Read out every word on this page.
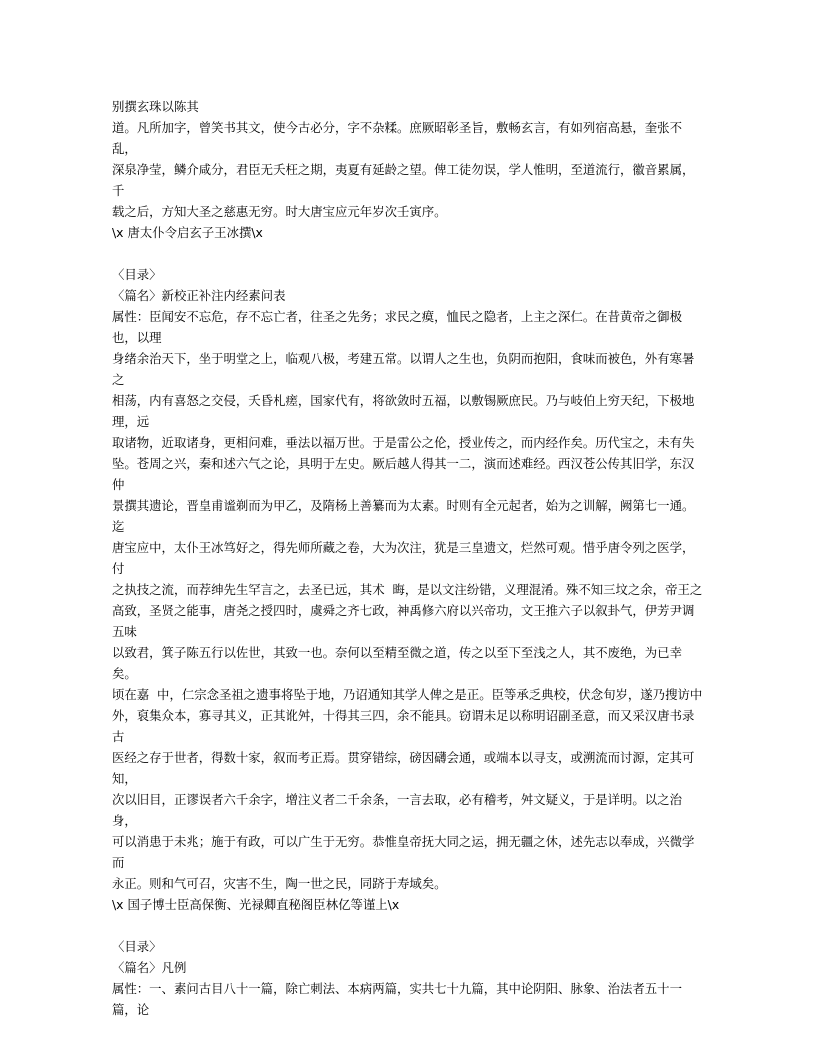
别撰玄珠以陈其
道。凡所加字，曾笑书其文，使今古必分，字不杂糅。庶厥昭彰圣旨，敷畅玄言，有如列宿高悬，奎张不乱，
深泉净莹，鳞介咸分，君臣无夭枉之期，夷夏有延龄之望。俾工徒勿误，学人惟明，至道流行，徽音累属，千
载之后，方知大圣之慈惠无穷。时大唐宝应元年岁次壬寅序。
\x 唐太仆令启玄子王冰撰\x
〈目录〉
〈篇名〉新校正补注内经素问表
属性：臣闻安不忘危，存不忘亡者，往圣之先务；求民之瘼，恤民之隐者，上主之深仁。在昔黄帝之御极也，以理
身绪余治天下，坐于明堂之上，临观八极，考建五常。以谓人之生也，负阴而抱阳，食味而被色，外有寒暑之
相荡，内有喜怒之交侵，夭昏札瘥，国家代有，将欲敛时五福，以敷锡厥庶民。乃与岐伯上穷天纪，下极地理，远
取诸物，近取诸身，更相问难，垂法以福万世。于是雷公之伦，授业传之，而内经作矣。历代宝之，未有失
坠。苍周之兴，秦和述六气之论，具明于左史。厥后越人得其一二，演而述难经。西汉苍公传其旧学，东汉仲
景撰其遗论，晋皇甫谧剃而为甲乙，及隋杨上善纂而为太素。时则有全元起者，始为之训解，阙第七一通。迄
唐宝应中，太仆王冰笃好之，得先师所藏之卷，大为次注，犹是三皇遗文，烂然可观。惜乎唐令列之医学，付
之执技之流，而荐绅先生罕言之，去圣已远，其术  晦，是以文注纷错，义理混淆。殊不知三坟之余，帝王之
高致，圣贤之能事，唐尧之授四时，虞舜之齐七政，神禹修六府以兴帝功，文王推六子以叙卦气，伊芳尹调五味
以致君，箕子陈五行以佐世，其致一也。奈何以至精至微之道，传之以至下至浅之人，其不废绝，为已幸矣。
顷在嘉  中，仁宗念圣祖之遗事将坠于地，乃诏通知其学人俾之是正。臣等承乏典校，伏念旬岁，遂乃搜访中
外，裒集众本，寡寻其义，正其讹舛，十得其三四，余不能具。窃谓未足以称明诏副圣意，而又采汉唐书录古
医经之存于世者，得数十家，叙而考正焉。贯穿错综，磅因礴会通，或端本以寻支，或溯流而讨源，定其可知，
次以旧目，正谬误者六千余字，增注义者二千余条，一言去取，必有稽考，舛文疑义，于是详明。以之治身，
可以消患于未兆；施于有政，可以广生于无穷。恭惟皇帝抚大同之运，拥无疆之休，述先志以奉成，兴微学而
永正。则和气可召，灾害不生，陶一世之民，同跻于寿域矣。
\x 国子博士臣高保衡、光禄卿直秘阁臣林亿等谨上\x
〈目录〉
〈篇名〉凡例
属性：一、素问古目八十一篇，除亡刺法、本病两篇，实共七十九篇，其中论阴阳、脉象、治法者五十一篇，论
